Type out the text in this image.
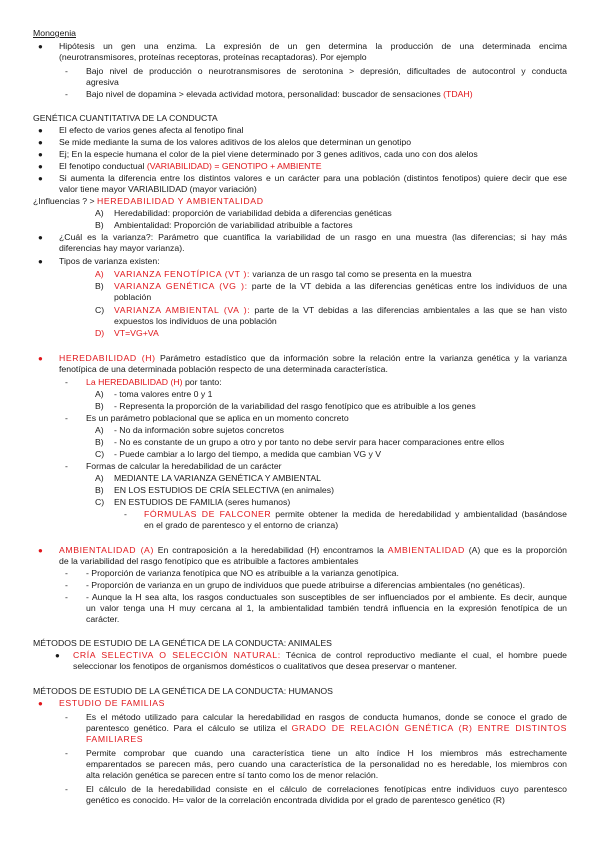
Monogenia
● Hipótesis un gen una enzima. La expresión de un gen determina la producción de una determinada encima
(neurotransmisores, proteínas receptoras, proteínas recaptadoras). Por ejemplo
- Bajo nivel de producción o neurotransmisores de serotonina > depresión, dificultades de autocontrol y conducta
agresiva
- Bajo nivel de dopamina > elevada actividad motora, personalidad: buscador de sensaciones (TDAH)
GENÉTICA CUANTITATIVA DE LA CONDUCTA
● El efecto de varios genes afecta al fenotipo final
● Se mide mediante la suma de los valores aditivos de los alelos que determinan un genotipo
● Ej; En la especie humana el color de la piel viene determinado por 3 genes aditivos, cada uno con dos alelos
● El fenotipo conductual (VARIABILIDAD) = GENOTIPO + AMBIENTE
● Si aumenta la diferencia entre los distintos valores e un carácter para una población (distintos fenotipos) quiere decir que ese
valor tiene mayor VARIABILIDAD (mayor variación)
¿Influencias ? > HEREDABILIDAD Y AMBIENTALIDAD
A) Heredabilidad: proporción de variabilidad debida a diferencias genéticas
B) Ambientalidad: Proporción de variabilidad atribuible a factores
● ¿Cuál es la varianza?: Parámetro que cuantifica la variabilidad de un rasgo en una muestra (las diferencias; si hay más
diferencias hay mayor varianza).
● Tipos de varianza existen:
A) VARIANZA FENOTÍPICA (VT ): varianza de un rasgo tal como se presenta en la muestra
B) VARIANZA GENÉTICA (VG ): parte de la VT debida a las diferencias genéticas entre los individuos de una
población
C) VARIANZA AMBIENTAL (VA ): parte de la VT debidas a las diferencias ambientales a las que se han visto
expuestos los individuos de una población
D) VT=VG+VA
● HEREDABILIDAD (H) Parámetro estadístico que da información sobre la relación entre la varianza genética y la varianza
fenotípica de una determinada población respecto de una determinada característica.
- La HEREDABILIDAD (H) por tanto:
A) - toma valores entre 0 y 1
B) - Representa la proporción de la variabilidad del rasgo fenotípico que es atribuible a los genes
- Es un parámetro poblacional que se aplica en un momento concreto
A) - No da información sobre sujetos concretos
B) - No es constante de un grupo a otro y por tanto no debe servir para hacer comparaciones entre ellos
C) - Puede cambiar a lo largo del tiempo, a medida que cambian VG y V
- Formas de calcular la heredabilidad de un carácter
A) MEDIANTE LA VARIANZA GENÉTICA Y AMBIENTAL
B) EN LOS ESTUDIOS DE CRÍA SELECTIVA (en animales)
C) EN ESTUDIOS DE FAMILIA (seres humanos)
- FÓRMULAS DE FALCONER permite obtener la medida de heredabilidad y ambientalidad (basándose
en el grado de parentesco y el entorno de crianza)
● AMBIENTALIDAD (A) En contraposición a la heredabilidad (H) encontramos la AMBIENTALIDAD (A) que es la proporción
de la variabilidad del rasgo fenotípico que es atribuible a factores ambientales
- - Proporción de varianza fenotípica que NO es atribuible a la varianza genotípica.
- - Proporción de varianza en un grupo de individuos que puede atribuirse a diferencias ambientales (no genéticas).
- - Aunque la H sea alta, los rasgos conductuales son susceptibles de ser influenciados por el ambiente. Es decir, aunque
un valor tenga una H muy cercana al 1, la ambientalidad también tendrá influencia en la expresión fenotípica de un
carácter.
MÉTODOS DE ESTUDIO DE LA GENÉTICA DE LA CONDUCTA: ANIMALES
● CRÍA SELECTIVA O SELECCIÓN NATURAL: Técnica de control reproductivo mediante el cual, el hombre puede
seleccionar los fenotipos de organismos domésticos o cualitativos que desea preservar o mantener.
MÉTODOS DE ESTUDIO DE LA GENÉTICA DE LA CONDUCTA: HUMANOS
● ESTUDIO DE FAMILIAS
- Es el método utilizado para calcular la heredabilidad en rasgos de conducta humanos, donde se conoce el grado de
parentesco genético. Para el cálculo se utiliza el GRADO DE RELACIÓN GENÉTICA (R) ENTRE DISTINTOS
FAMILIARES
- Permite comprobar que cuando una característica tiene un alto índice H los miembros más estrechamente
emparentados se parecen más, pero cuando una característica de la personalidad no es heredable, los miembros con
alta relación genética se parecen entre sí tanto como los de menor relación.
- El cálculo de la heredabilidad consiste en el cálculo de correlaciones fenotípicas entre individuos cuyo parentesco
genético es conocido. H= valor de la correlación encontrada dividida por el grado de parentesco genético (R)
